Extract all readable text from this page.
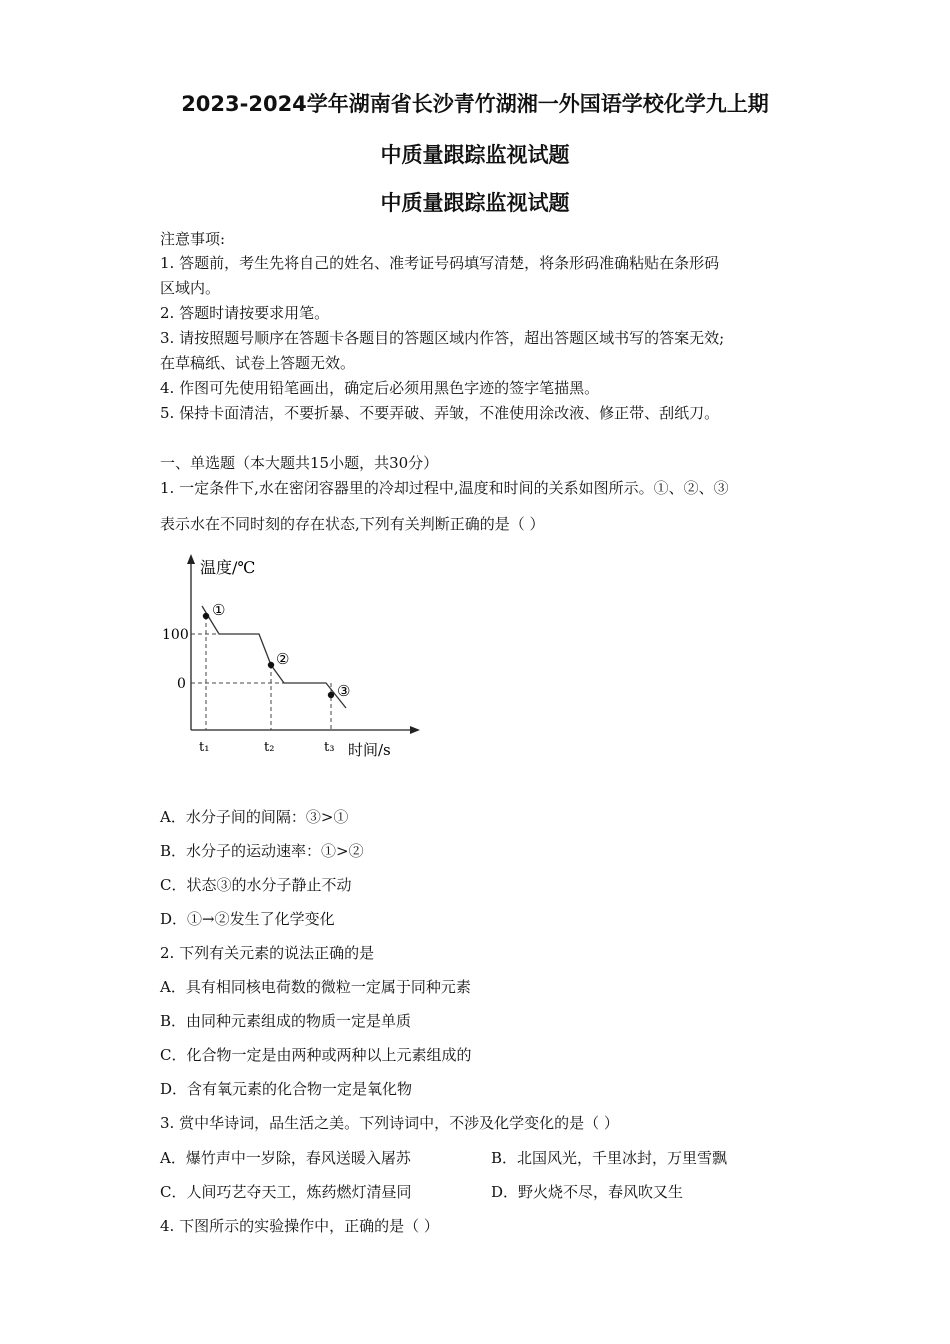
2023-2024学年湖南省长沙青竹湖湘一外国语学校化学九上期
中质量跟踪监视试题
中质量跟踪监视试题
注意事项:
1. 答题前，考生先将自己的姓名、准考证号码填写清楚，将条形码准确粘贴在条形码
区域内。
2. 答题时请按要求用笔。
3. 请按照题号顺序在答题卡各题目的答题区域内作答，超出答题区域书写的答案无效;
在草稿纸、试卷上答题无效。
4. 作图可先使用铅笔画出，确定后必须用黑色字迹的签字笔描黑。
5. 保持卡面清洁，不要折暴、不要弄破、弄皱，不准使用涂改液、修正带、刮纸刀。
一、单选题（本大题共15小题，共30分）
1. 一定条件下,水在密闭容器里的冷却过程中,温度和时间的关系如图所示。①、②、③
表示水在不同时刻的存在状态,下列有关判断正确的是（ ）
温度/℃
100
0
t₁	t₂	t₃ 时间/s
①
②
③
A．水分子间的间隔：③>①
B．水分子的运动速率：①>②
C．状态③的水分子静止不动
D．①→②发生了化学变化
2. 下列有关元素的说法正确的是
A．具有相同核电荷数的微粒一定属于同种元素
B．由同种元素组成的物质一定是单质
C．化合物一定是由两种或两种以上元素组成的
D．含有氧元素的化合物一定是氧化物
3. 赏中华诗词，品生活之美。下列诗词中，不涉及化学变化的是（ ）
A．爆竹声中一岁除，春风送暖入屠苏	B．北国风光，千里冰封，万里雪飘
C．人间巧艺夺天工，炼药燃灯清昼同	D．野火烧不尽，春风吹又生
4. 下图所示的实验操作中，正确的是（ ）
